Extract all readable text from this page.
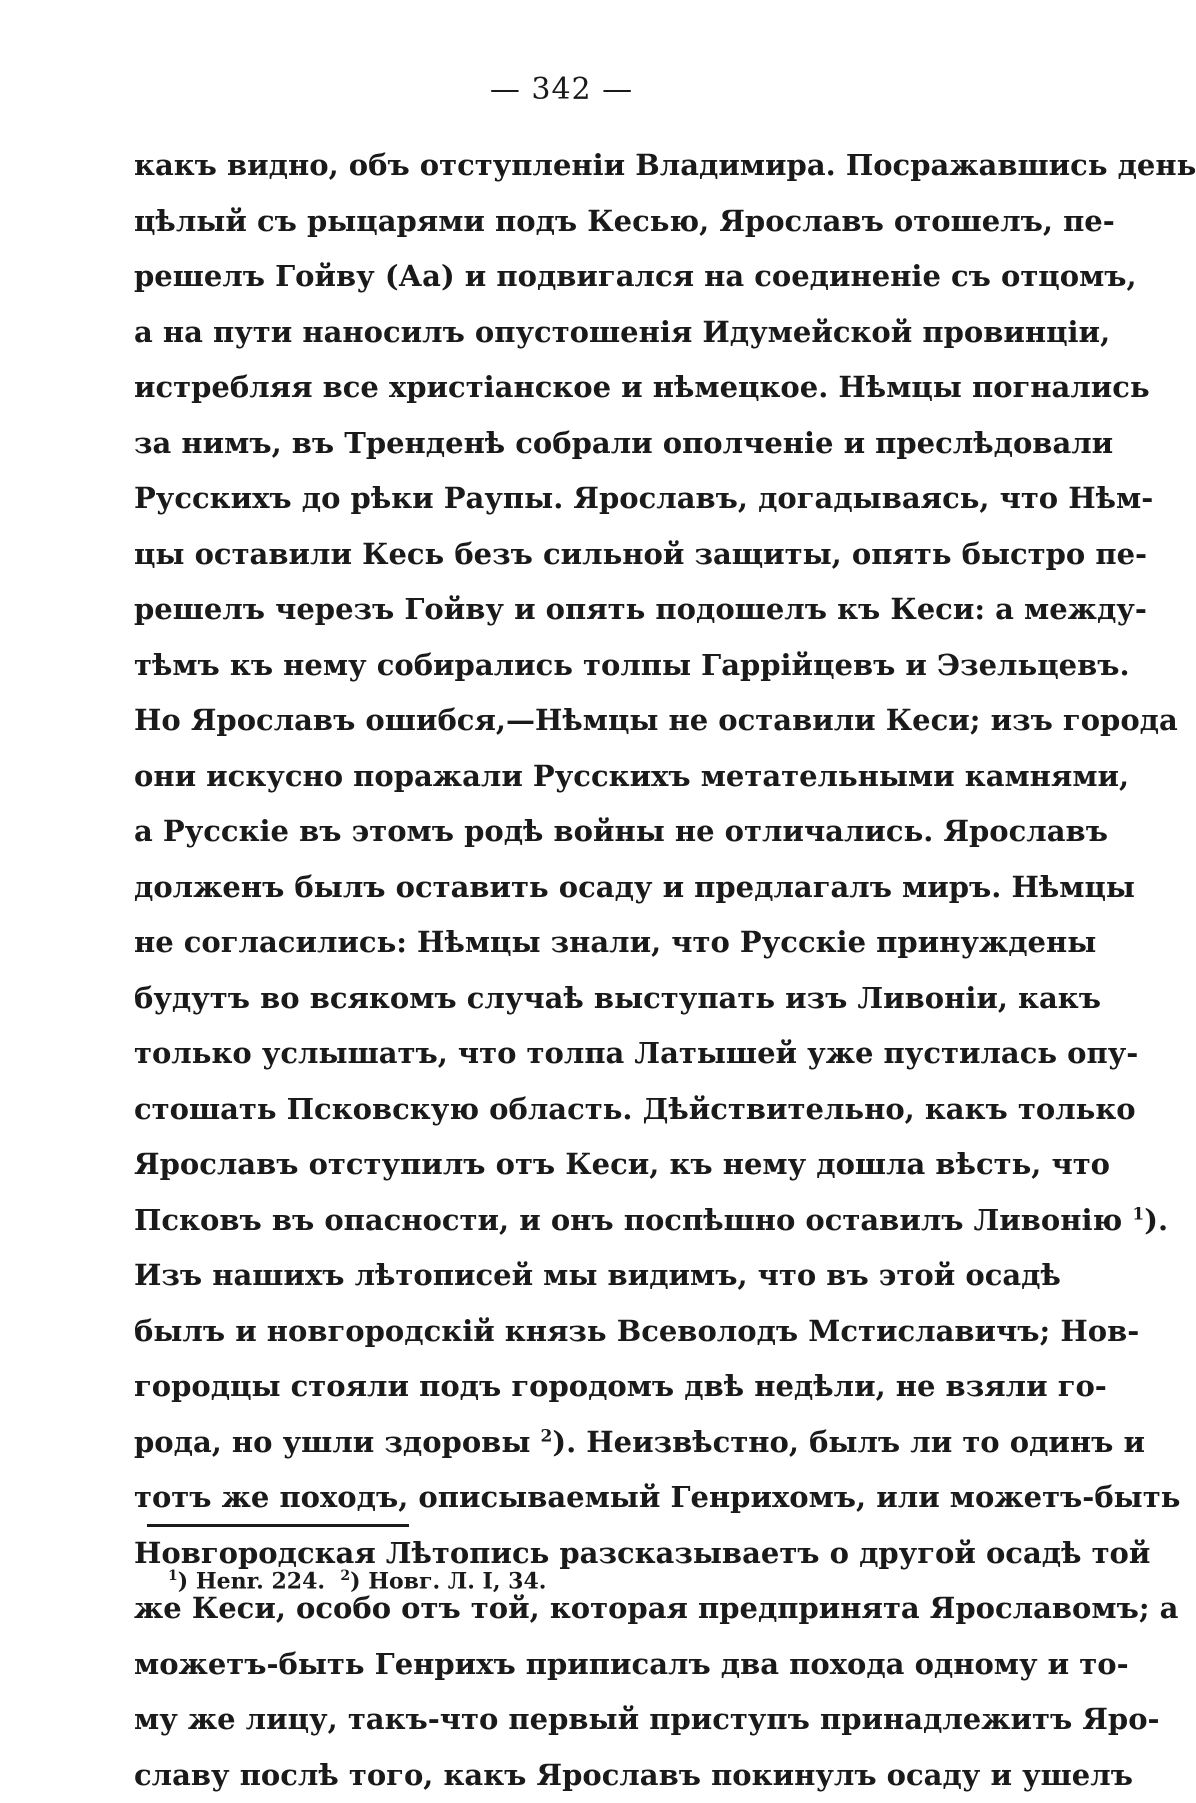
— 342 —
какъ видно, объ отступленіи Владимира. Посражавшись день
цѣлый съ рыцарями подъ Кесью, Ярославъ отошелъ, пе-
решелъ Гойву (Аа) и подвигался на соединеніе съ отцомъ,
а на пути наносилъ опустошенія Идумейской провинціи,
истребляя все христіанское и нѣмецкое. Нѣмцы погнались
за нимъ, въ Тренденѣ собрали ополченіе и преслѣдовали
Русскихъ до рѣки Раупы. Ярославъ, догадываясь, что Нѣм-
цы оставили Кесь безъ сильной защиты, опять быстро пе-
решелъ черезъ Гойву и опять подошелъ къ Кеси: а между-
тѣмъ къ нему собирались толпы Гаррійцевъ и Эзельцевъ.
Но Ярославъ ошибся,—Нѣмцы не оставили Кеси; изъ города
они искусно поражали Русскихъ метательными камнями,
а Русскіе въ этомъ родѣ войны не отличались. Ярославъ
долженъ былъ оставить осаду и предлагалъ миръ. Нѣмцы
не согласились: Нѣмцы знали, что Русскіе принуждены
будутъ во всякомъ случаѣ выступать изъ Ливоніи, какъ
только услышатъ, что толпа Латышей уже пустилась опу-
стошать Псковскую область. Дѣйствительно, какъ только
Ярославъ отступилъ отъ Кеси, къ нему дошла вѣсть, что
Псковъ въ опасности, и онъ поспѣшно оставилъ Ливонію $^1$).
Изъ нашихъ лѣтописей мы видимъ, что въ этой осадѣ
былъ и новгородскій князь Всеволодъ Мстиславичъ; Нов-
городцы стояли подъ городомъ двѣ недѣли, не взяли го-
рода, но ушли здоровы $^2$). Неизвѣстно, былъ ли то одинъ и
тотъ же походъ, описываемый Генрихомъ, или можетъ-быть
Новгородская Лѣтопись разсказываетъ о другой осадѣ той
же Кеси, особо отъ той, которая предпринята Ярославомъ; а
можетъ-быть Генрихъ приписалъ два похода одному и то-
му же лицу, такъ-что первый приступъ принадлежитъ Яро-
славу послѣ того, какъ Ярославъ покинулъ осаду и ушелъ
$^1$) Henr. 224. $^2$) Новг. Л. I, 34.
